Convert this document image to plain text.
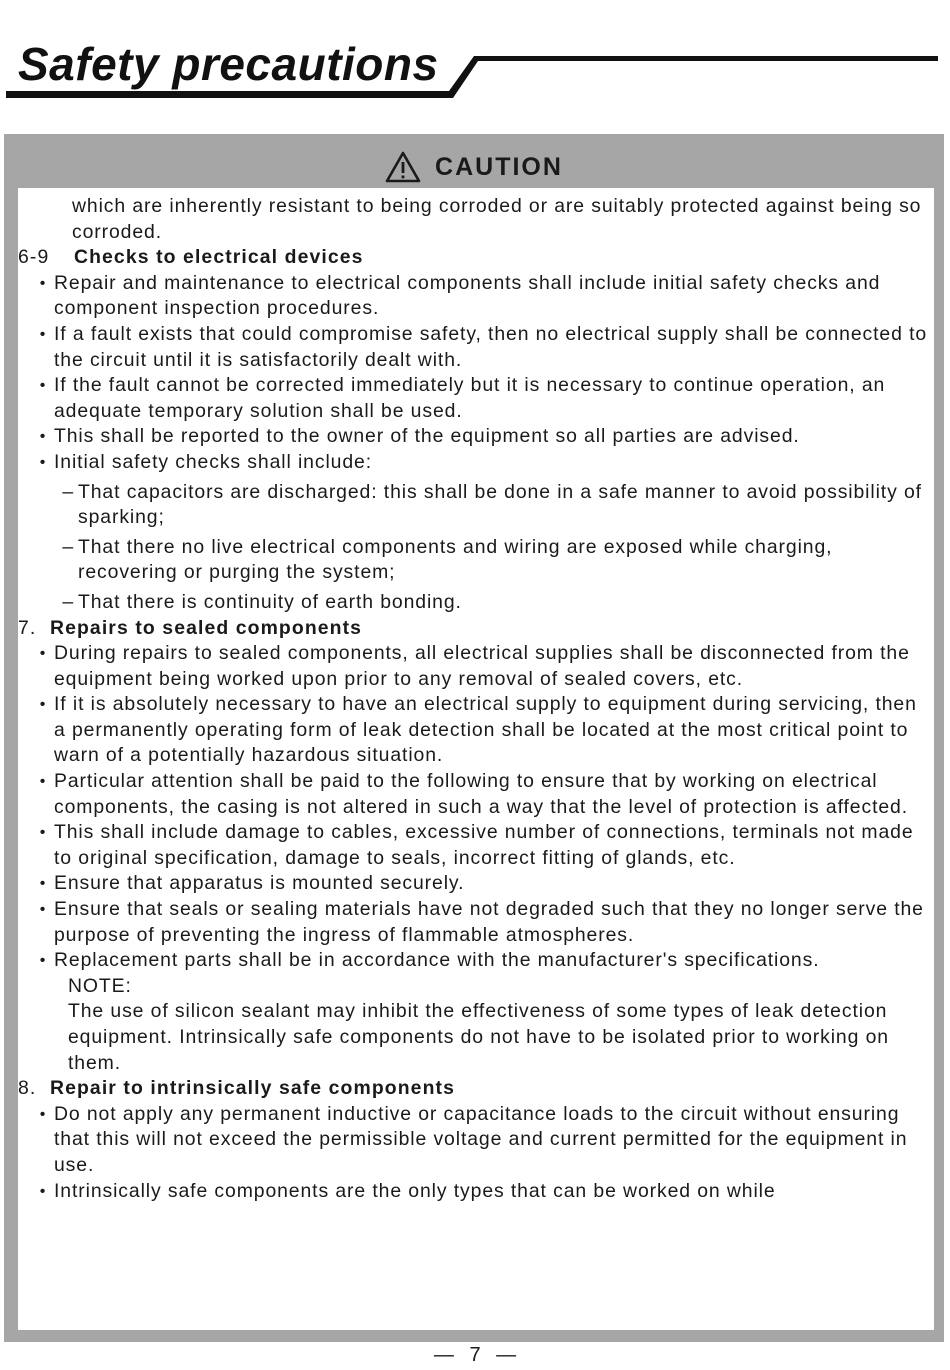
Safety precautions
CAUTION

which are inherently resistant to being corroded or are suitably protected against being so corroded.

6-9	Checks to electrical devices
• Repair and maintenance to electrical components shall include initial safety checks and component inspection procedures.
• If a fault exists that could compromise safety, then no electrical supply shall be connected to the circuit until it is satisfactorily dealt with.
• If the fault cannot be corrected immediately but it is necessary to continue operation, an adequate temporary solution shall be used.
• This shall be reported to the owner of the equipment so all parties are advised.
• Initial safety checks shall include:
– That capacitors are discharged: this shall be done in a safe manner to avoid possibility of sparking;
– That there no live electrical components and wiring are exposed while charging, recovering or purging the system;
– That there is continuity of earth bonding.
7. Repairs to sealed components
• During repairs to sealed components, all electrical supplies shall be disconnected from the equipment being worked upon prior to any removal of sealed covers, etc.
• If it is absolutely necessary to have an electrical supply to equipment during servicing, then a permanently operating form of leak detection shall be located at the most critical point to warn of a potentially hazardous situation.
• Particular attention shall be paid to the following to ensure that by working on electrical components, the casing is not altered in such a way that the level of protection is affected.
• This shall include damage to cables, excessive number of connections, terminals not made to original specification, damage to seals, incorrect fitting of glands, etc.
• Ensure that apparatus is mounted securely.
• Ensure that seals or sealing materials have not degraded such that they no longer serve the purpose of preventing the ingress of flammable atmospheres.
• Replacement parts shall be in accordance with the manufacturer's specifications.

NOTE:

The use of silicon sealant may inhibit the effectiveness of some types of leak detection equipment. Intrinsically safe components do not have to be isolated prior to working on them.

8. Repair to intrinsically safe components
• Do not apply any permanent inductive or capacitance loads to the circuit without ensuring that this will not exceed the permissible voltage and current permitted for the equipment in use.
• Intrinsically safe components are the only types that can be worked on while
— 7 —
